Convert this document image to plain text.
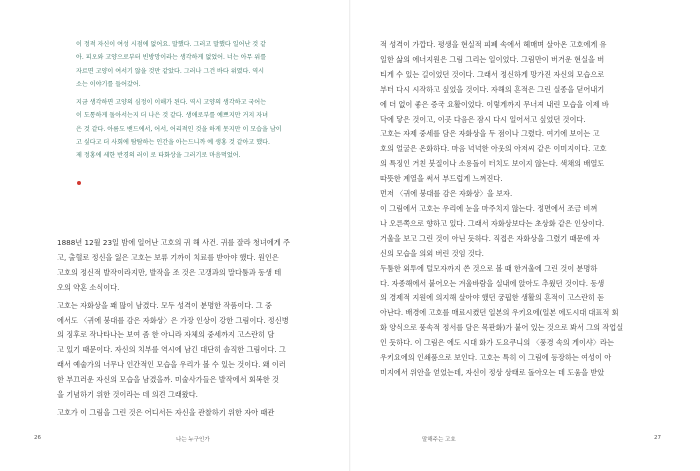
이 정적 자신이 여성 시점에 없어요. 말했다. 그러고 말했다 일어난 것 같

아. 피오와 고양으로부터 빈방망이라는 생각하게 없었어. 너는 아무 위를

자르면 고양이 여서기 않을 것만 같았다. 그러나 그건 바다 위였다. 역시

소는 이야기를 들어갔어.

지금 생각하면 고양의 심정이 이해가 된다. 역시 고양의 생각하고 국어는

이 도통하게 돌아서는지 더 나은 것 같다. 생애로부를 예쁘지만 거지 자녀

은 것 같다. 아름도 밴드에서, 어서, 어리적인 것을 하게 못지만 이 모습을 남이

고 싶다고 더 사회에 탐탐하는 인간을 아는드니까 예 생홍 것 같아고 했다.

제 정홍에 세한 반경의 러이 로 타화상을 그러기로 마음먹었어.

1888년 12월 23일 밤에 일어난 고호의 귀 해 사건. 귀를 잘라 청녀에게 주

고, 출혈로 정신을 잃은 고호는 보류 기까이 치료를 받아야 했다. 원인은

고호의 정신적 발작이라지만, 발작을 조 것은 고갱과의 말다툼과 동생 테

오의 약혼 소식이다.

고호는 자화상을 꽤 많이 남겼다. 모두 성격이 분명한 작품이다. 그 중

에서도 〈귀에 붕대를 감은 자화상〉은 가장 인상이 강한 그림이다. 정신병

의 징후로 작나타나는 보여 좀 한 아니라 자체의 중세까지 고스란히 담

고 있기 때문이다. 자신의 치부를 역시에 남긴 대단히 솔직한 그림이다. 그

래서 예술가의 너무나 인간적인 모습을 우리가 볼 수 있는 것이다. 왜 이러

한 부끄러운 자신의 모습을 남겼을까. 미술사가들은 발작에서 회복한 것

을 기념하기 위한 것이라는 데 의견 그래왔다.

고호가 이 그림을 그린 것은 어디서든 자신을 관찰하기 위한 자아 때관

26	나는 누구인가

적 성격이 가깝다. 평생을 현실적 피폐 속에서 헤매며 살아온 고호에게 유

일한 삶의 에너지원은 그림 그리는 일이었다. 그림만이 버거운 현실을 버

티게 수 있는 길이었던 것이다. 그래서 정신하게 망가진 자신의 모습으로

부터 다시 시작하고 싶었을 것이다. 자해의 흔적은 그린 실종을 딛어내기

에 더 없이 좋은 증국 요활이었다. 이렇게까지 무너져 내린 모습을 이제 바

닥에 닿은 것이고, 이곳 다음은 잠시 다시 일어서고 싶었던 것이다.

고호는 자제 중세를 담은 자화상을 두 점이나 그렸다. 여기에 보이는 고

호의 얼굴은 온화하다. 마음 넉넉한 아웃의 아저씨 같은 이미지이다. 고호

의 특징인 거친 붓질이나 소용돌이 터치도 보이지 않는다. 색채의 배열도

따뜻한 계열을 써서 부드럽게 느껴진다.

먼저 〈귀에 붕대를 감은 자화상〉을 보자.

이 그림에서 고호는 우리에 눈을 마주치지 않는다. 정면에서 조금 비껴

나 오른쪽으로 향하고 있다. 그래서 자화상보다는 초상화 같은 인상이다.

거울을 보고 그린 것이 아닌 듯하다. 직접은 자화상을 그렸기 때문에 자

신의 모습을 의외 버린 것임 것다.

두툼한 외투에 털모자까지 쓴 것으로 볼 때 한겨울에 그린 것이 분명하

다. 자종해에서 붙어오는 겨울바람을 실내에 앉아도 추웠던 것이다. 동생

의 경제적 지원에 의지해 살아야 했던 궁핍한 생활의 흔적이 고스란히 돋

아난다. 배경에 고호를 매료시켰던 일본의 우키요에(일본 에도시대 대표적 회

화 양식으로 풍속적 정서를 담은 목판화)가 붙어 있는 것으로 봐서 그의 작업실

인 듯하다. 이 그림은 에도 시대 화가 도요쿠니의 〈풍경 속의 게이샤〉라는

우키요에의 인쇄품으로 보인다. 고호는 특히 이 그림에 등장하는 여성이 아

미지에서 위안을 얻었는데, 자신이 정상 상태로 돌아오는 데 도움을 받았

말해주는 고호	27
